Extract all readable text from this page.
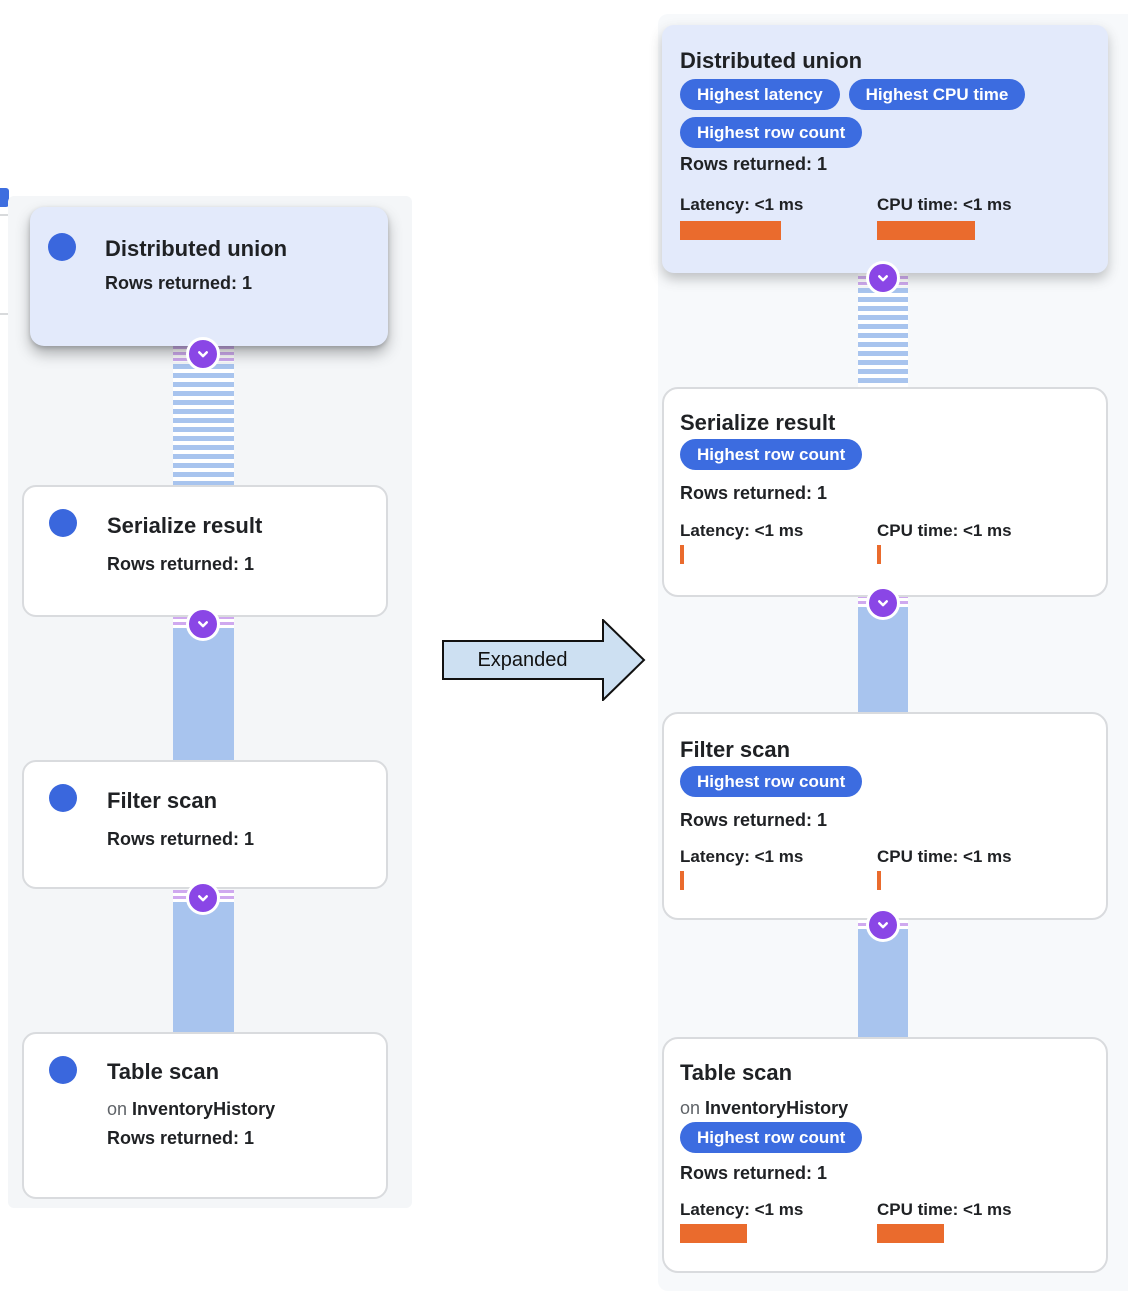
Distributed union

Rows returned: 1

Serialize result

Rows returned: 1

Filter scan

Rows returned: 1

Table scan

on InventoryHistory

Rows returned: 1

Expanded
Distributed union
Highest latency	Highest CPU time
Highest row count

Rows returned: 1

Latency: <1 ms	CPU time: <1 ms

Serialize result
Highest row count

Rows returned: 1

Latency: <1 ms	CPU time: <1 ms

Filter scan
Highest row count

Rows returned: 1

Latency: <1 ms	CPU time: <1 ms

Table scan

on InventoryHistory

Highest row count

Rows returned: 1

Latency: <1 ms	CPU time: <1 ms
